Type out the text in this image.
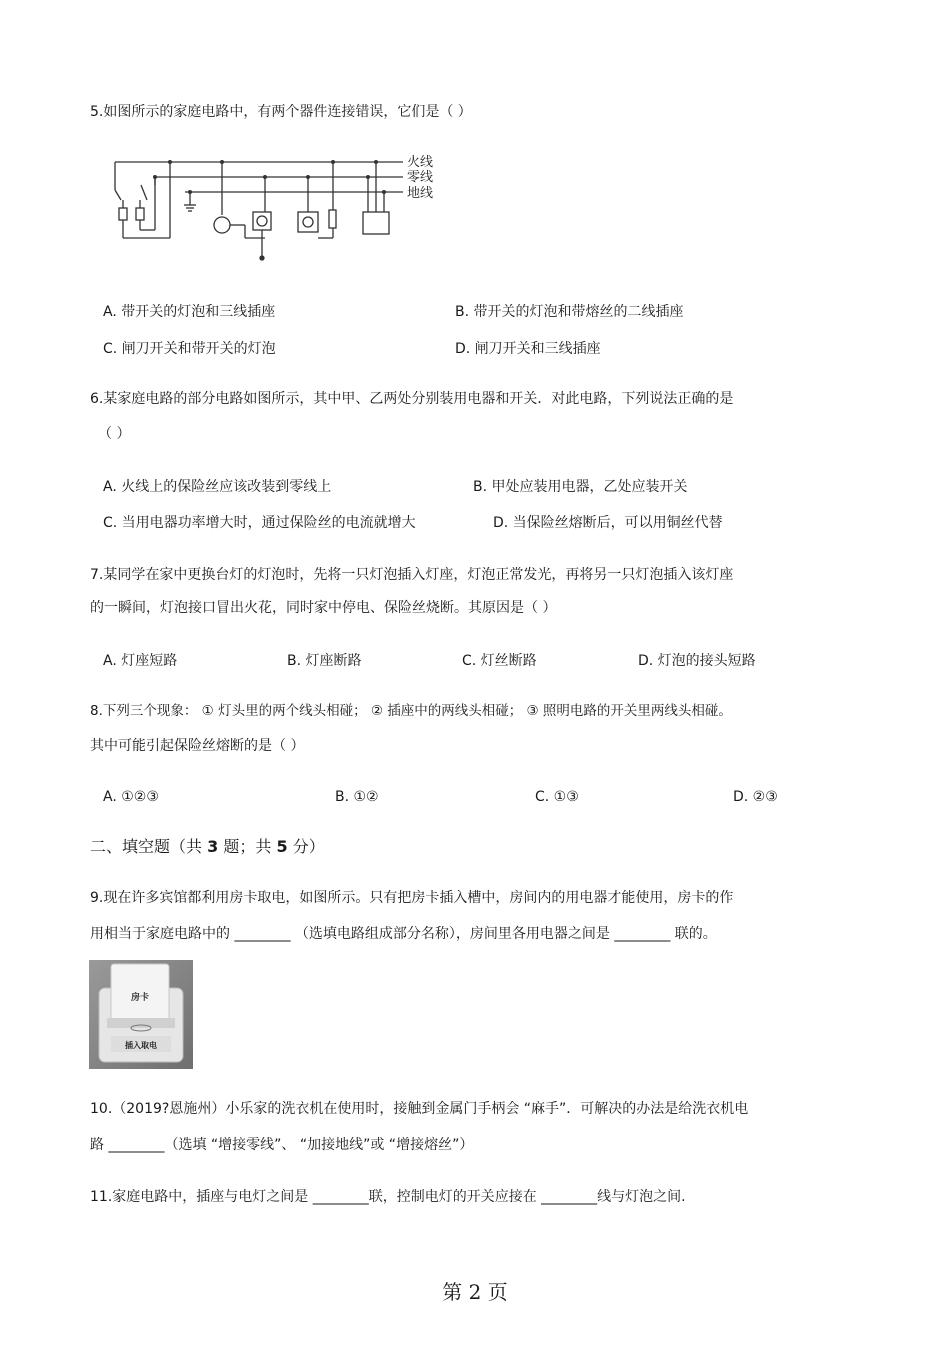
5.如图所示的家庭电路中，有两个器件连接错误，它们是（ ）
火线
零线
地线
A. 带开关的灯泡和三线插座	B. 带开关的灯泡和带熔丝的二线插座
C. 闸刀开关和带开关的灯泡	D. 闸刀开关和三线插座
6.某家庭电路的部分电路如图所示，其中甲、乙两处分别装用电器和开关．对此电路，下列说法正确的是
（ ）
A. 火线上的保险丝应该改装到零线上	B. 甲处应装用电器，乙处应装开关
C. 当用电器功率增大时，通过保险丝的电流就增大	D. 当保险丝熔断后，可以用铜丝代替
7.某同学在家中更换台灯的灯泡时，先将一只灯泡插入灯座，灯泡正常发光，再将另一只灯泡插入该灯座
的一瞬间，灯泡接口冒出火花，同时家中停电、保险丝烧断。其原因是（ ）
A. 灯座短路	B. 灯座断路	C. 灯丝断路	D. 灯泡的接头短路
8.下列三个现象： ① 灯头里的两个线头相碰； ② 插座中的两线头相碰； ③ 照明电路的开关里两线头相碰。
其中可能引起保险丝熔断的是（ ）
A. ①②③	B. ①②	C. ①③	D. ②③
二、填空题（共 3 题；共 5 分）
9.现在许多宾馆都利用房卡取电，如图所示。只有把房卡插入槽中，房间内的用电器才能使用，房卡的作
用相当于家庭电路中的 ________ （选填电路组成部分名称），房间里各用电器之间是 ________ 联的。
房卡
插入取电
10.（2019?恩施州）小乐家的洗衣机在使用时，接触到金属门手柄会 “麻手”．可解决的办法是给洗衣机电
路 ________（选填 “增接零线”、 “加接地线”或 “增接熔丝”）
11.家庭电路中，插座与电灯之间是 ________联，控制电灯的开关应接在 ________线与灯泡之间.
第 2 页
